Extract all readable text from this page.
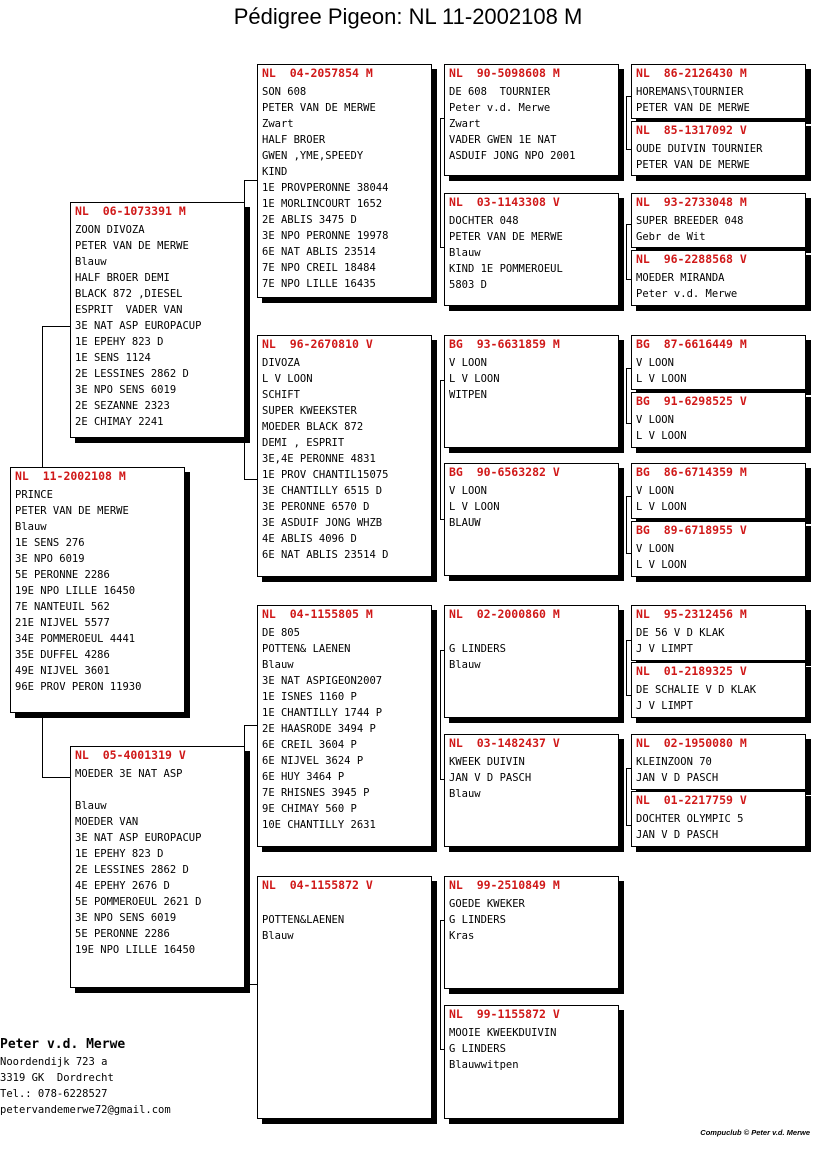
Pédigree Pigeon: NL 11-2002108 M
NL  11-2002108 M
PRINCE
PETER VAN DE MERWE
Blauw
1E SENS 276
3E NPO 6019
5E PERONNE 2286
19E NPO LILLE 16450
7E NANTEUIL 562
21E NIJVEL 5577
34E POMMEROEUL 4441
35E DUFFEL 4286
49E NIJVEL 3601
96E PROV PERON 11930
NL  06-1073391 M
ZOON DIVOZA
PETER VAN DE MERWE
Blauw
HALF BROER DEMI
BLACK 872 ,DIESEL
ESPRIT  VADER VAN
3E NAT ASP EUROPACUP
1E EPEHY 823 D
1E SENS 1124
2E LESSINES 2862 D
3E NPO SENS 6019
2E SEZANNE 2323
2E CHIMAY 2241
NL  05-4001319 V
MOEDER 3E NAT ASP
Blauw
MOEDER VAN
3E NAT ASP EUROPACUP
1E EPEHY 823 D
2E LESSINES 2862 D
4E EPEHY 2676 D
5E POMMEROEUL 2621 D
3E NPO SENS 6019
5E PERONNE 2286
19E NPO LILLE 16450
NL  04-2057854 M
SON 608
PETER VAN DE MERWE
Zwart
HALF BROER
GWEN ,YME,SPEEDY
KIND
1E PROVPERONNE 38044
1E MORLINCOURT 1652
2E ABLIS 3475 D
3E NPO PERONNE 19978
6E NAT ABLIS 23514
7E NPO CREIL 18484
7E NPO LILLE 16435
NL  96-2670810 V
DIVOZA
L V LOON
SCHIFT
SUPER KWEEKSTER
MOEDER BLACK 872
DEMI , ESPRIT
3E,4E PERONNE 4831
1E PROV CHANTIL15075
3E CHANTILLY 6515 D
3E PERONNE 6570 D
3E ASDUIF JONG WHZB
4E ABLIS 4096 D
6E NAT ABLIS 23514 D
NL  04-1155805 M
DE 805
POTTEN& LAENEN
Blauw
3E NAT ASPIGEON2007
1E ISNES 1160 P
1E CHANTILLY 1744 P
2E HAASRODE 3494 P
6E CREIL 3604 P
6E NIJVEL 3624 P
6E HUY 3464 P
7E RHISNES 3945 P
9E CHIMAY 560 P
10E CHANTILLY 2631
NL  04-1155872 V
POTTEN&LAENEN
Blauw
NL  90-5098608 M
DE 608  TOURNIER
Peter v.d. Merwe
Zwart
VADER GWEN 1E NAT
ASDUIF JONG NPO 2001
NL  03-1143308 V
DOCHTER 048
PETER VAN DE MERWE
Blauw
KIND 1E POMMEROEUL
5803 D
BG  93-6631859 M
V LOON
L V LOON
WITPEN
BG  90-6563282 V
V LOON
L V LOON
BLAUW
NL  02-2000860 M
G LINDERS
Blauw
NL  03-1482437 V
KWEEK DUIVIN
JAN V D PASCH
Blauw
NL  99-2510849 M
GOEDE KWEKER
G LINDERS
Kras
NL  99-1155872 V
MOOIE KWEEKDUIVIN
G LINDERS
Blauwwitpen
NL  86-2126430 M
HOREMANS\TOURNIER
PETER VAN DE MERWE
NL  85-1317092 V
OUDE DUIVIN TOURNIER
PETER VAN DE MERWE
NL  93-2733048 M
SUPER BREEDER 048
Gebr de Wit
NL  96-2288568 V
MOEDER MIRANDA
Peter v.d. Merwe
BG  87-6616449 M
V LOON
L V LOON
BG  91-6298525 V
V LOON
L V LOON
BG  86-6714359 M
V LOON
L V LOON
BG  89-6718955 V
V LOON
L V LOON
NL  95-2312456 M
DE 56 V D KLAK
J V LIMPT
NL  01-2189325 V
DE SCHALIE V D KLAK
J V LIMPT
NL  02-1950080 M
KLEINZOON 70
JAN V D PASCH
NL  01-2217759 V
DOCHTER OLYMPIC 5
JAN V D PASCH
Peter v.d. Merwe
Noordendijk 723 a
3319 GK  Dordrecht
Tel.: 078-6228527
petervandemerwe72@gmail.com
Compuclub © Peter v.d. Merwe
